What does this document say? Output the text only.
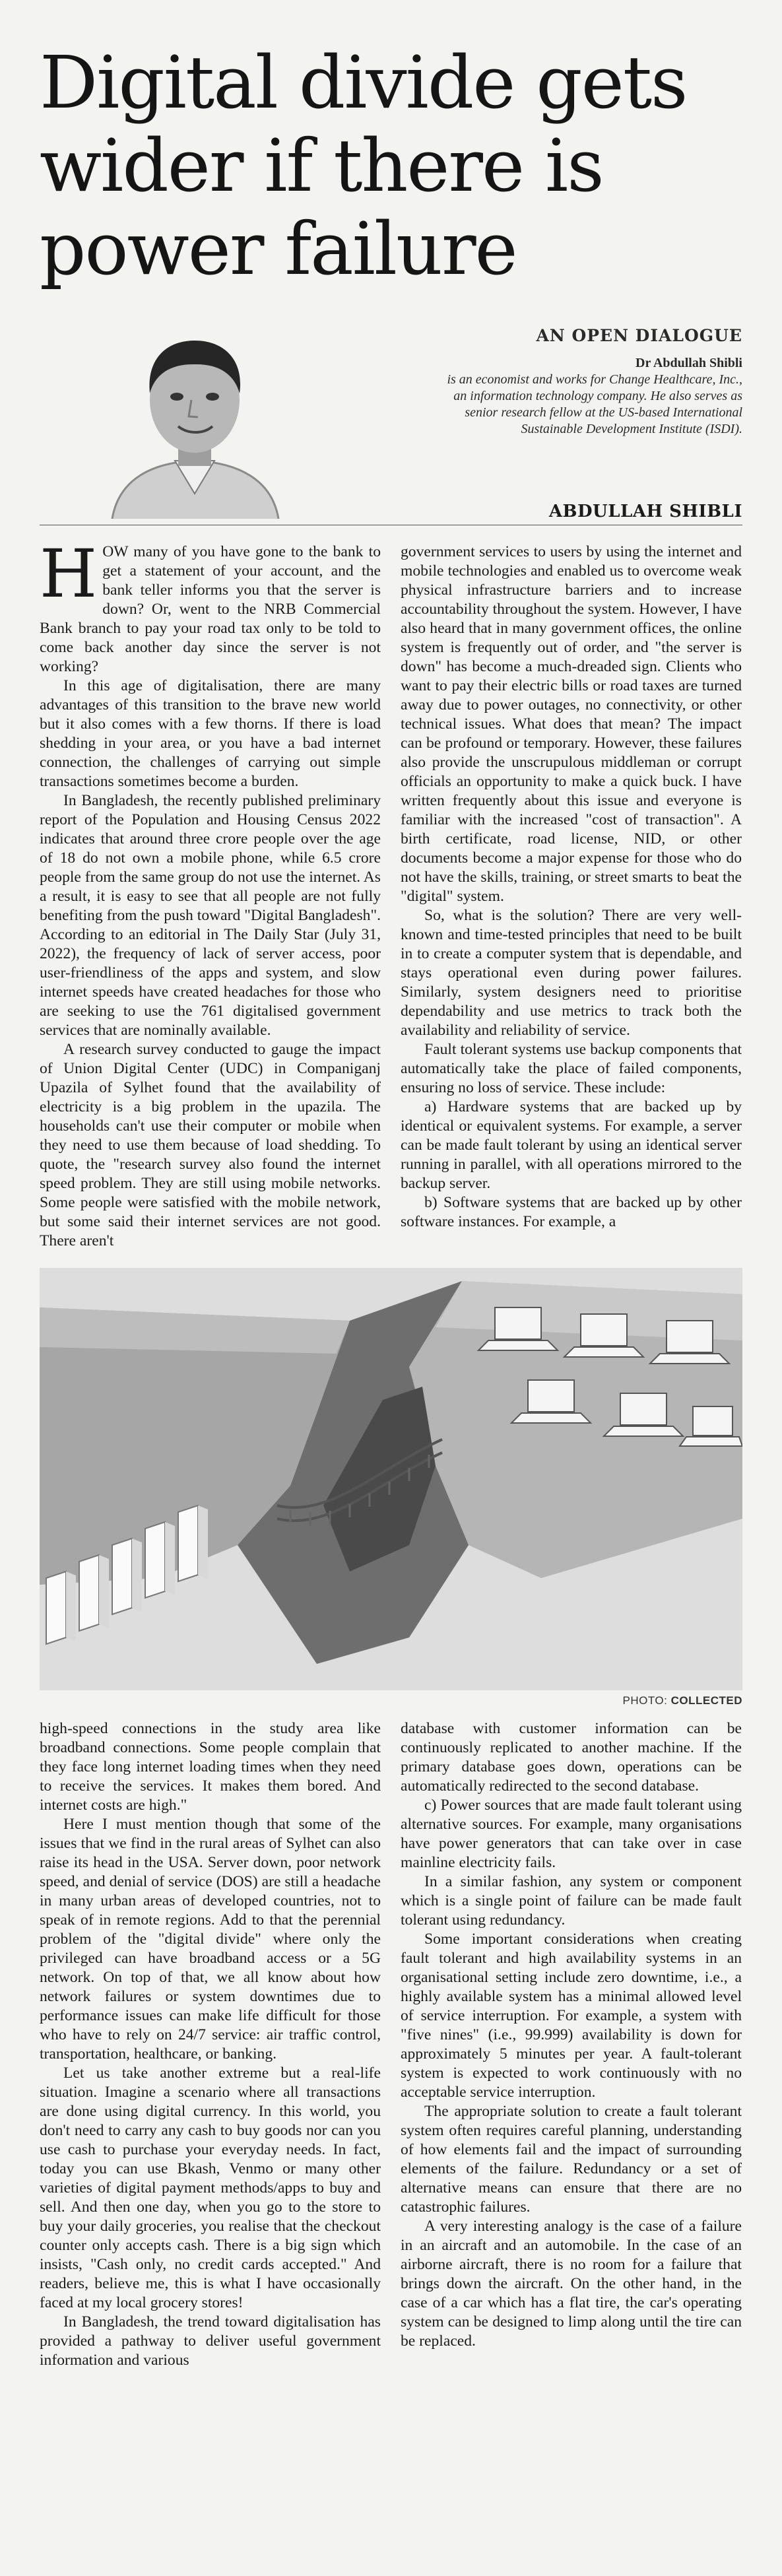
Digital divide gets wider if there is power failure
AN OPEN DIALOGUE
Dr Abdullah Shibli
is an economist and works for Change Healthcare, Inc., an information technology company. He also serves as senior research fellow at the US-based International Sustainable Development Institute (ISDI).
ABDULLAH SHIBLI

HOW many of you have gone to the bank to get a statement of your account, and the bank teller informs you that the server is down? Or, went to the NRB Commercial Bank branch to pay your road tax only to be told to come back another day since the server is not working?

In this age of digitalisation, there are many advantages of this transition to the brave new world but it also comes with a few thorns. If there is load shedding in your area, or you have a bad internet connection, the challenges of carrying out simple transactions sometimes become a burden.

In Bangladesh, the recently published preliminary report of the Population and Housing Census 2022 indicates that around three crore people over the age of 18 do not own a mobile phone, while 6.5 crore people from the same group do not use the internet. As a result, it is easy to see that all people are not fully benefiting from the push toward "Digital Bangladesh". According to an editorial in The Daily Star (July 31, 2022), the frequency of lack of server access, poor user-friendliness of the apps and system, and slow internet speeds have created headaches for those who are seeking to use the 761 digitalised government services that are nominally available.

A research survey conducted to gauge the impact of Union Digital Center (UDC) in Companiganj Upazila of Sylhet found that the availability of electricity is a big problem in the upazila. The households can't use their computer or mobile when they need to use them because of load shedding. To quote, the "research survey also found the internet speed problem. They are still using mobile networks. Some people were satisfied with the mobile network, but some said their internet services are not good. There aren't

government services to users by using the internet and mobile technologies and enabled us to overcome weak physical infrastructure barriers and to increase accountability throughout the system. However, I have also heard that in many government offices, the online system is frequently out of order, and "the server is down" has become a much-dreaded sign. Clients who want to pay their electric bills or road taxes are turned away due to power outages, no connectivity, or other technical issues. What does that mean? The impact can be profound or temporary. However, these failures also provide the unscrupulous middleman or corrupt officials an opportunity to make a quick buck. I have written frequently about this issue and everyone is familiar with the increased "cost of transaction". A birth certificate, road license, NID, or other documents become a major expense for those who do not have the skills, training, or street smarts to beat the "digital" system.

So, what is the solution? There are very well-known and time-tested principles that need to be built in to create a computer system that is dependable, and stays operational even during power failures. Similarly, system designers need to prioritise dependability and use metrics to track both the availability and reliability of service.

Fault tolerant systems use backup components that automatically take the place of failed components, ensuring no loss of service. These include:

a) Hardware systems that are backed up by identical or equivalent systems. For example, a server can be made fault tolerant by using an identical server running in parallel, with all operations mirrored to the backup server.

b) Software systems that are backed up by other software instances. For example, a

PHOTO: COLLECTED

high-speed connections in the study area like broadband connections. Some people complain that they face long internet loading times when they need to receive the services. It makes them bored. And internet costs are high."

Here I must mention though that some of the issues that we find in the rural areas of Sylhet can also raise its head in the USA. Server down, poor network speed, and denial of service (DOS) are still a headache in many urban areas of developed countries, not to speak of in remote regions. Add to that the perennial problem of the "digital divide" where only the privileged can have broadband access or a 5G network. On top of that, we all know about how network failures or system downtimes due to performance issues can make life difficult for those who have to rely on 24/7 service: air traffic control, transportation, healthcare, or banking.

Let us take another extreme but a real-life situation. Imagine a scenario where all transactions are done using digital currency. In this world, you don't need to carry any cash to buy goods nor can you use cash to purchase your everyday needs. In fact, today you can use Bkash, Venmo or many other varieties of digital payment methods/apps to buy and sell. And then one day, when you go to the store to buy your daily groceries, you realise that the checkout counter only accepts cash. There is a big sign which insists, "Cash only, no credit cards accepted." And readers, believe me, this is what I have occasionally faced at my local grocery stores!

In Bangladesh, the trend toward digitalisation has provided a pathway to deliver useful government information and various

database with customer information can be continuously replicated to another machine. If the primary database goes down, operations can be automatically redirected to the second database.

c) Power sources that are made fault tolerant using alternative sources. For example, many organisations have power generators that can take over in case mainline electricity fails.

In a similar fashion, any system or component which is a single point of failure can be made fault tolerant using redundancy.

Some important considerations when creating fault tolerant and high availability systems in an organisational setting include zero downtime, i.e., a highly available system has a minimal allowed level of service interruption. For example, a system with "five nines" (i.e., 99.999) availability is down for approximately 5 minutes per year. A fault-tolerant system is expected to work continuously with no acceptable service interruption.

The appropriate solution to create a fault tolerant system often requires careful planning, understanding of how elements fail and the impact of surrounding elements of the failure. Redundancy or a set of alternative means can ensure that there are no catastrophic failures.

A very interesting analogy is the case of a failure in an aircraft and an automobile. In the case of an airborne aircraft, there is no room for a failure that brings down the aircraft. On the other hand, in the case of a car which has a flat tire, the car's operating system can be designed to limp along until the tire can be replaced.
